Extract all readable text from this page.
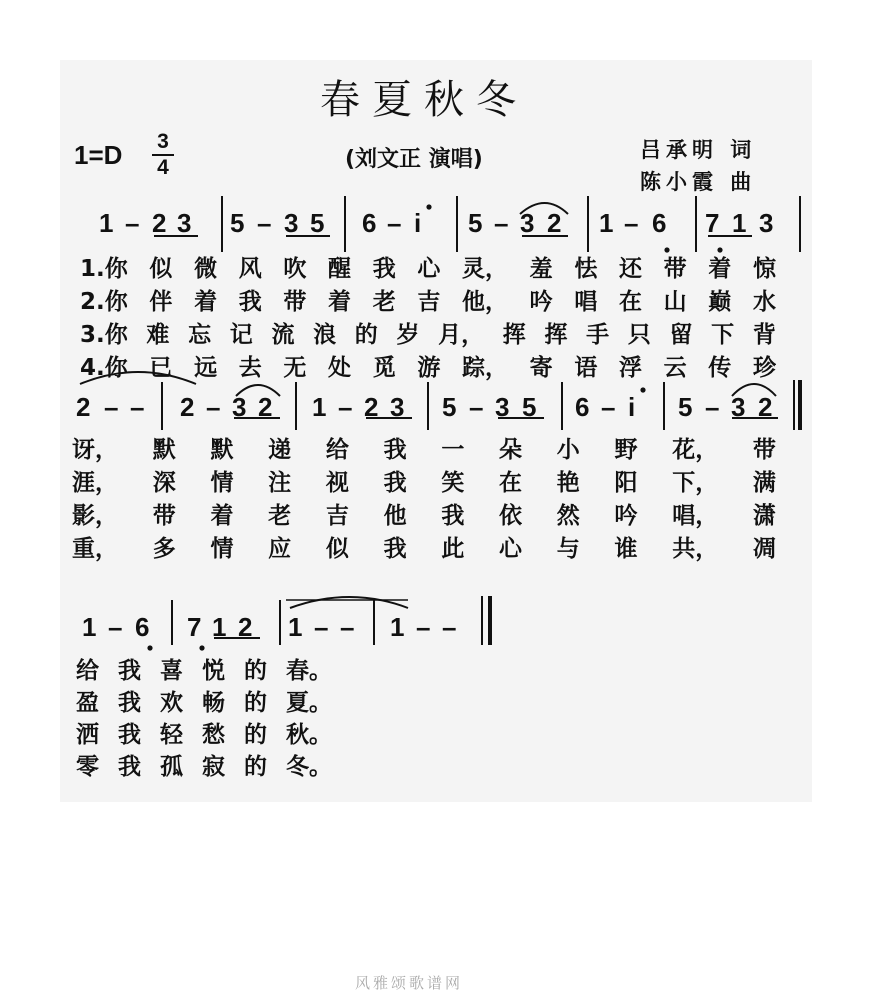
春夏秋冬
1=D 3
4	(刘文正 演唱)	吕承明 词
陈小霞 曲
1 – 2 3 5 – 3 5 6 – i 5 – 3 2 1 – 6 7 1 3
1.你 似 微 风 吹 醒 我 心 灵， 羞 怯 还 带 着 惊
2.你 伴 着 我 带 着 老 吉 他， 吟 唱 在 山 巅 水
3.你 难 忘 记 流 浪 的 岁 月， 挥 挥 手 只 留 下 背
4.你 已 远 去 无 处 觅 游 踪， 寄 语 浮 云 传 珍
2 – – 2 – 3 2 1 – 2 3 5 – 3 5 6 – i 5 – 3 2
讶， 默 默 递 给 我 一 朵 小 野 花， 带
涯， 深 情 注 视 我 笑 在 艳 阳 下， 满
影， 带 着 老 吉 他 我 依 然 吟 唱， 潇
重， 多 情 应 似 我 此 心 与 谁 共， 凋
1 – 6 7 1 2 1 – – 1 – –
给 我 喜 悦 的 春。
盈 我 欢 畅 的 夏。
洒 我 轻 愁 的 秋。
零 我 孤 寂 的 冬。
风雅颂歌谱网
